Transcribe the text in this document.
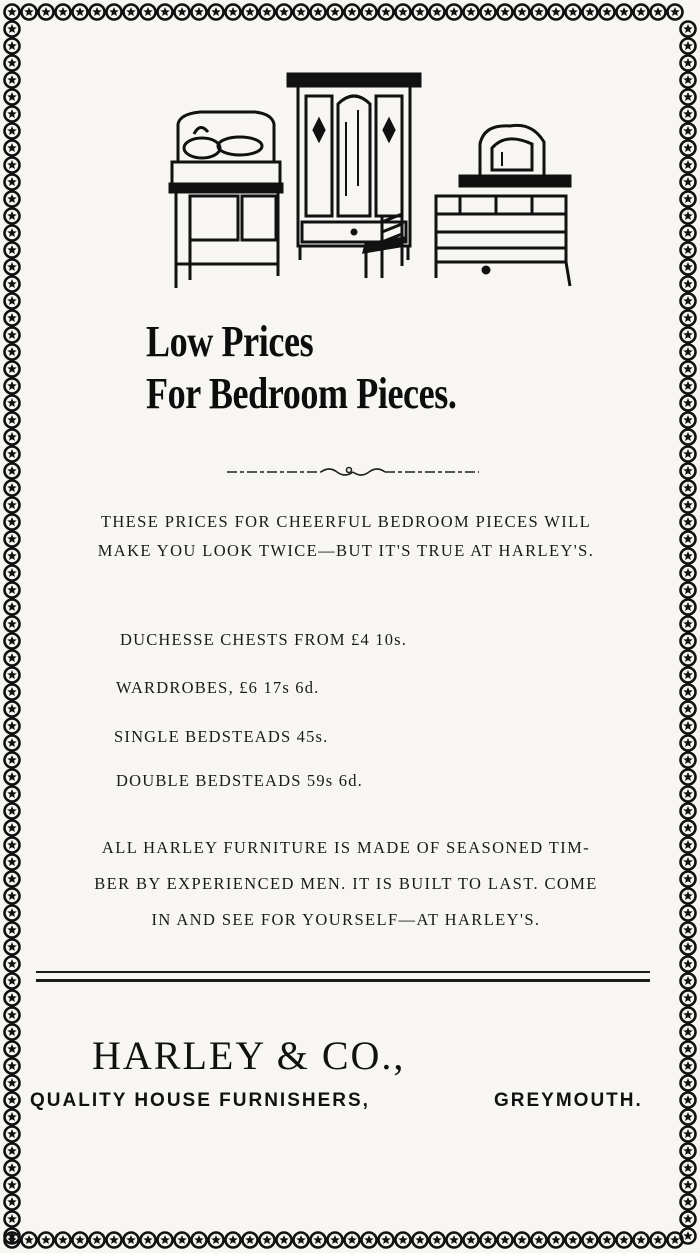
Low Prices
For Bedroom Pieces.
THESE PRICES FOR CHEERFUL BEDROOM PIECES WILL
MAKE YOU LOOK TWICE—BUT IT'S TRUE AT HARLEY'S.
DUCHESSE CHESTS FROM £4 10s.
WARDROBES, £6 17s 6d.
SINGLE BEDSTEADS 45s.
DOUBLE BEDSTEADS 59s 6d.
ALL HARLEY FURNITURE IS MADE OF SEASONED TIM-
BER BY EXPERIENCED MEN. IT IS BUILT TO LAST. COME
IN AND SEE FOR YOURSELF—AT HARLEY'S.
HARLEY & CO.,
QUALITY HOUSE FURNISHERS,	GREYMOUTH.
